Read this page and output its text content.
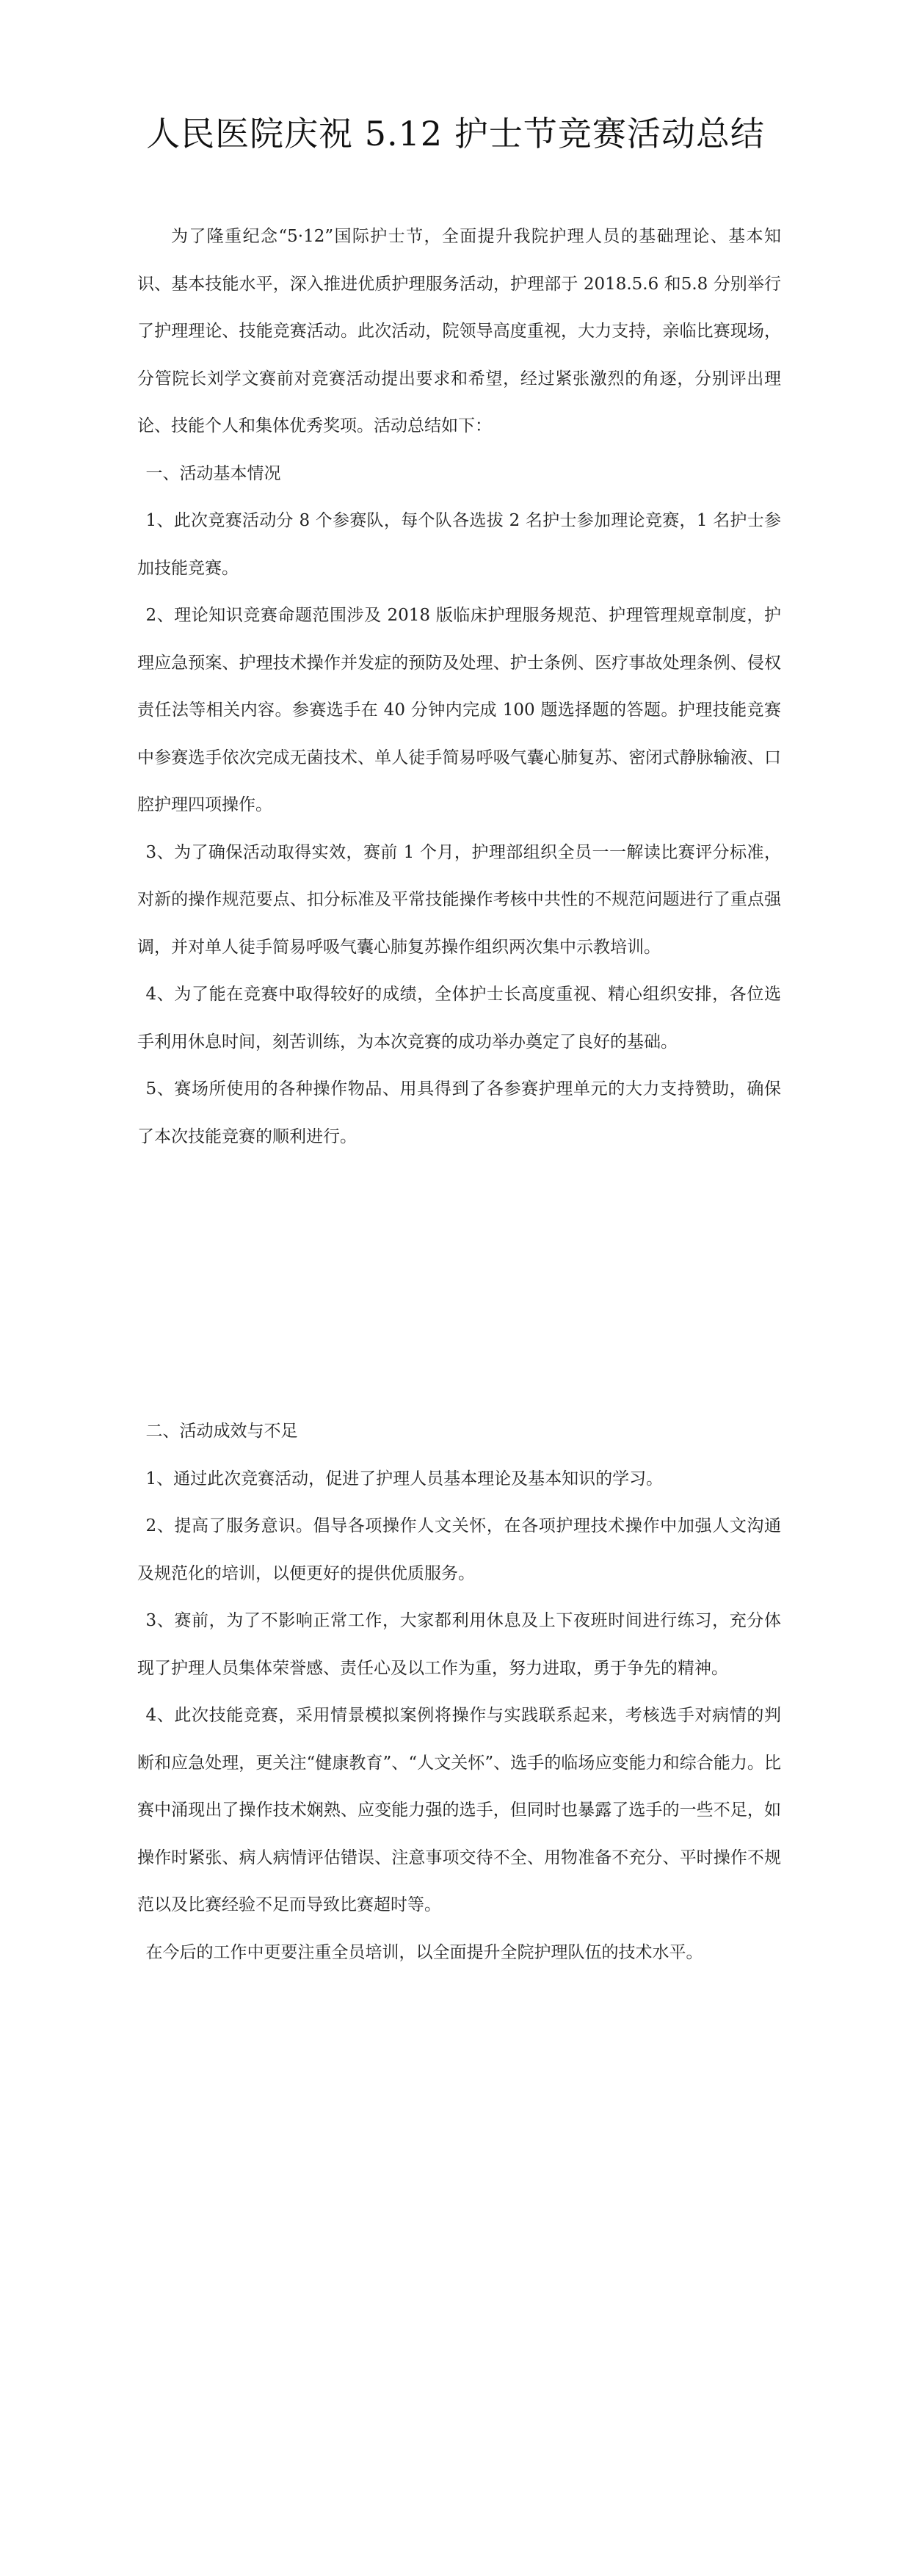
人民医院庆祝 5.12 护士节竞赛活动总结

为了隆重纪念“5·12”国际护士节，全面提升我院护理人员的基础理论、基本知识、基本技能水平，深入推进优质护理服务活动，护理部于 2018.5.6 和5.8 分别举行了护理理论、技能竞赛活动。此次活动，院领导高度重视，大力支持，亲临比赛现场，分管院长刘学文赛前对竞赛活动提出要求和希望，经过紧张激烈的角逐，分别评出理论、技能个人和集体优秀奖项。活动总结如下：

一、活动基本情况

1、此次竞赛活动分 8 个参赛队，每个队各选拔 2 名护士参加理论竞赛，1 名护士参加技能竞赛。

2、理论知识竞赛命题范围涉及 2018 版临床护理服务规范、护理管理规章制度，护理应急预案、护理技术操作并发症的预防及处理、护士条例、医疗事故处理条例、侵权责任法等相关内容。参赛选手在 40 分钟内完成 100 题选择题的答题。护理技能竞赛中参赛选手依次完成无菌技术、单人徒手简易呼吸气囊心肺复苏、密闭式静脉输液、口腔护理四项操作。

3、为了确保活动取得实效，赛前 1 个月，护理部组织全员一一解读比赛评分标准，对新的操作规范要点、扣分标准及平常技能操作考核中共性的不规范问题进行了重点强调，并对单人徒手简易呼吸气囊心肺复苏操作组织两次集中示教培训。

4、为了能在竞赛中取得较好的成绩，全体护士长高度重视、精心组织安排，各位选手利用休息时间，刻苦训练，为本次竞赛的成功举办奠定了良好的基础。

5、赛场所使用的各种操作物品、用具得到了各参赛护理单元的大力支持赞助，确保了本次技能竞赛的顺利进行。

二、活动成效与不足

1、通过此次竞赛活动，促进了护理人员基本理论及基本知识的学习。

2、提高了服务意识。倡导各项操作人文关怀，在各项护理技术操作中加强人文沟通及规范化的培训，以便更好的提供优质服务。

3、赛前，为了不影响正常工作，大家都利用休息及上下夜班时间进行练习，充分体现了护理人员集体荣誉感、责任心及以工作为重，努力进取，勇于争先的精神。

4、此次技能竞赛，采用情景模拟案例将操作与实践联系起来，考核选手对病情的判断和应急处理，更关注“健康教育”、“人文关怀”、选手的临场应变能力和综合能力。比赛中涌现出了操作技术娴熟、应变能力强的选手，但同时也暴露了选手的一些不足，如操作时紧张、病人病情评估错误、注意事项交待不全、用物准备不充分、平时操作不规范以及比赛经验不足而导致比赛超时等。

在今后的工作中更要注重全员培训，以全面提升全院护理队伍的技术水平。
